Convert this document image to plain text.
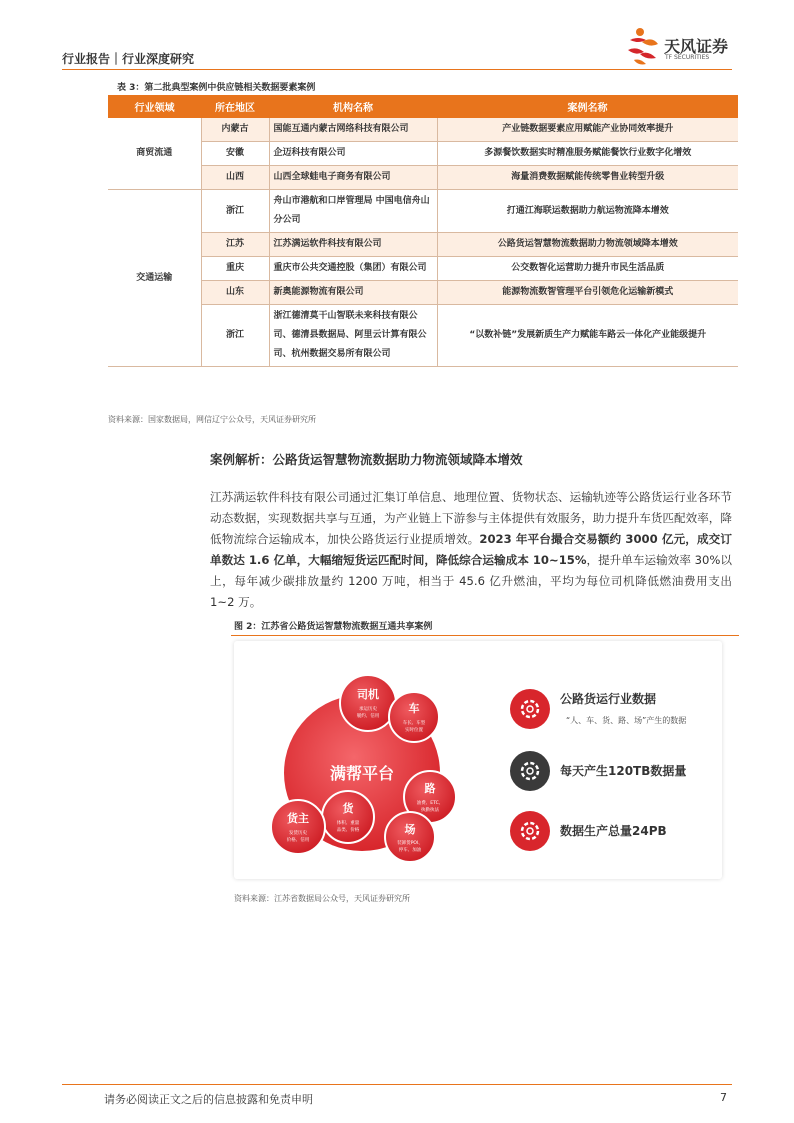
行业报告｜行业深度研究
天风证券
TF SECURITIES
表 3：第二批典型案例中供应链相关数据要素案例
行业领域	所在地区	机构名称	案例名称
商贸流通	内蒙古	国能互通内蒙古网络科技有限公司	产业链数据要素应用赋能产业协同效率提升
	安徽	企迈科技有限公司	多源餐饮数据实时精准服务赋能餐饮行业数字化增效
	山西	山西全球蛙电子商务有限公司	海量消费数据赋能传统零售业转型升级
交通运输	浙江	舟山市港航和口岸管理局 中国电信舟山分公司	打通江海联运数据助力航运物流降本增效
	江苏	江苏满运软件科技有限公司	公路货运智慧物流数据助力物流领域降本增效
	重庆	重庆市公共交通控股（集团）有限公司	公交数智化运营助力提升市民生活品质
	山东	新奥能源物流有限公司	能源物流数智管理平台引领危化运输新模式
	浙江	浙江德清莫干山智联未来科技有限公司、德清县数据局、阿里云计算有限公司、杭州数据交易所有限公司	“以数补链”发展新质生产力赋能车路云一体化产业能级提升
资料来源：国家数据局，网信辽宁公众号，天风证券研究所
案例解析：公路货运智慧物流数据助力物流领域降本增效
江苏满运软件科技有限公司通过汇集订单信息、地理位置、货物状态、运输轨迹等公路货运行业各环节动态数据，实现数据共享与互通，为产业链上下游参与主体提供有效服务，助力提升车货匹配效率，降低物流综合运输成本，加快公路货运行业提质增效。2023 年平台撮合交易额约 3000 亿元，成交订单数达 1.6 亿单，大幅缩短货运匹配时间，降低综合运输成本 10~15%，提升单车运输效率 30%以上，每年减少碳排放量约 1200 万吨，相当于 45.6 亿升燃油，平均为每位司机降低燃油费用支出 1~2 万。
图 2：江苏省公路货运智慧物流数据互通共享案例
满帮平台
司机
承运历史
履约、信用
车
车长、车型
实时位置
路
油费、ETC、
执勤执法
场
装卸货POI、
停车、加油
货
体积、重量
品类、价格
货主
发货历史
价格、信用
公路货运行业数据
“人、车、货、路、场”产生的数据
每天产生120TB数据量
数据生产总量24PB
资料来源：江苏省数据局公众号，天风证券研究所
请务必阅读正文之后的信息披露和免责申明	7
